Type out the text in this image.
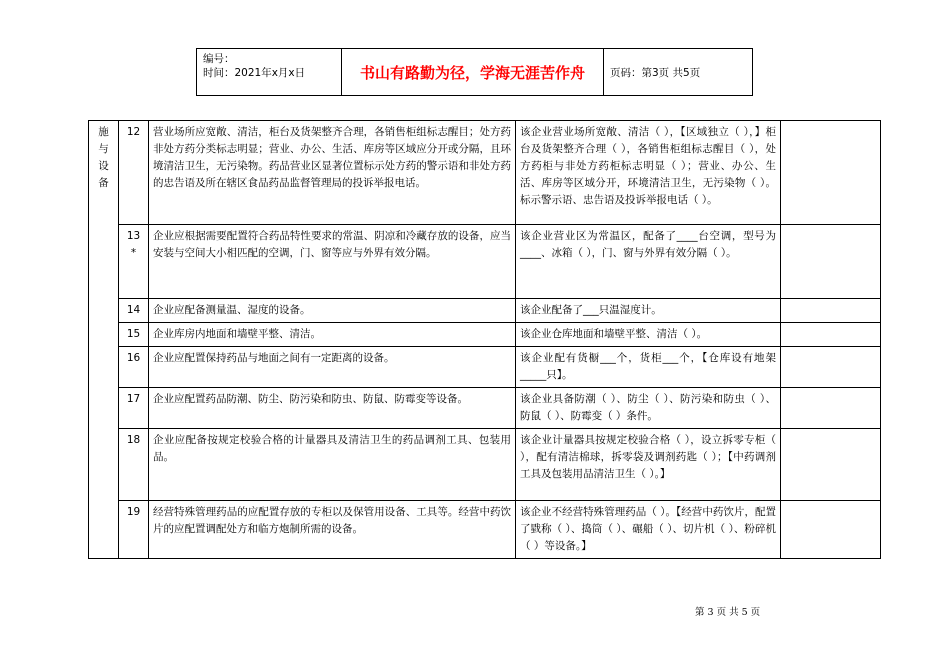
编号：
时间：2021年x月x日	书山有路勤为径，学海无涯苦作舟	页码：第3页 共5页
施
与
设
备	12	营业场所应宽敞、清洁，柜台及货架整齐合理，各销售柜组标志醒目；处方药非处方药分类标志明显；营业、办公、生活、库房等区域应分开或分隔，且环境清洁卫生，无污染物。药品营业区显著位置标示处方药的警示语和非处方药的忠告语及所在辖区食品药品监督管理局的投诉举报电话。	该企业营业场所宽敞、清洁（ ），【区域独立（ ），】柜台及货架整齐合理（ ），各销售柜组标志醒目（ ），处方药柜与非处方药柜标志明显（ ）；营业、办公、生活、库房等区域分开，环境清洁卫生，无污染物（ ）。标示警示语、忠告语及投诉举报电话（ ）。	
	13
*	企业应根据需要配置符合药品特性要求的常温、阴凉和冷藏存放的设备，应当安装与空间大小相匹配的空调，门、窗等应与外界有效分隔。	该企业营业区为常温区，配备了____台空调，型号为____、冰箱（ ），门、窗与外界有效分隔（ ）。	
	14	企业应配备测量温、湿度的设备。	该企业配备了___只温湿度计。	
	15	企业库房内地面和墙壁平整、清洁。	该企业仓库地面和墙壁平整、清洁（ ）。	
	16	企业应配置保持药品与地面之间有一定距离的设备。	该企业配有货橱___个，货柜___个，【仓库设有地架_____只】。	
	17	企业应配置药品防潮、防尘、防污染和防虫、防鼠、防霉变等设备。	该企业具备防潮（ ）、防尘（ ）、防污染和防虫（ ）、防鼠（ ）、防霉变（ ）条件。	
	18	企业应配备按规定校验合格的计量器具及清洁卫生的药品调剂工具、包装用品。	该企业计量器具按规定校验合格（ ），设立拆零专柜（ ），配有清洁棉球，拆零袋及调剂药匙（ ）；【中药调剂工具及包装用品清洁卫生（ ）。】	
	19	经营特殊管理药品的应配置存放的专柜以及保管用设备、工具等。经营中药饮片的应配置调配处方和临方炮制所需的设备。	该企业不经营特殊管理药品（ ）。【经营中药饮片，配置了戥称（ ）、捣筒（ ）、碾船（ ）、切片机（ ）、粉碎机（ ）等设备。】	
第 3 页 共 5 页
